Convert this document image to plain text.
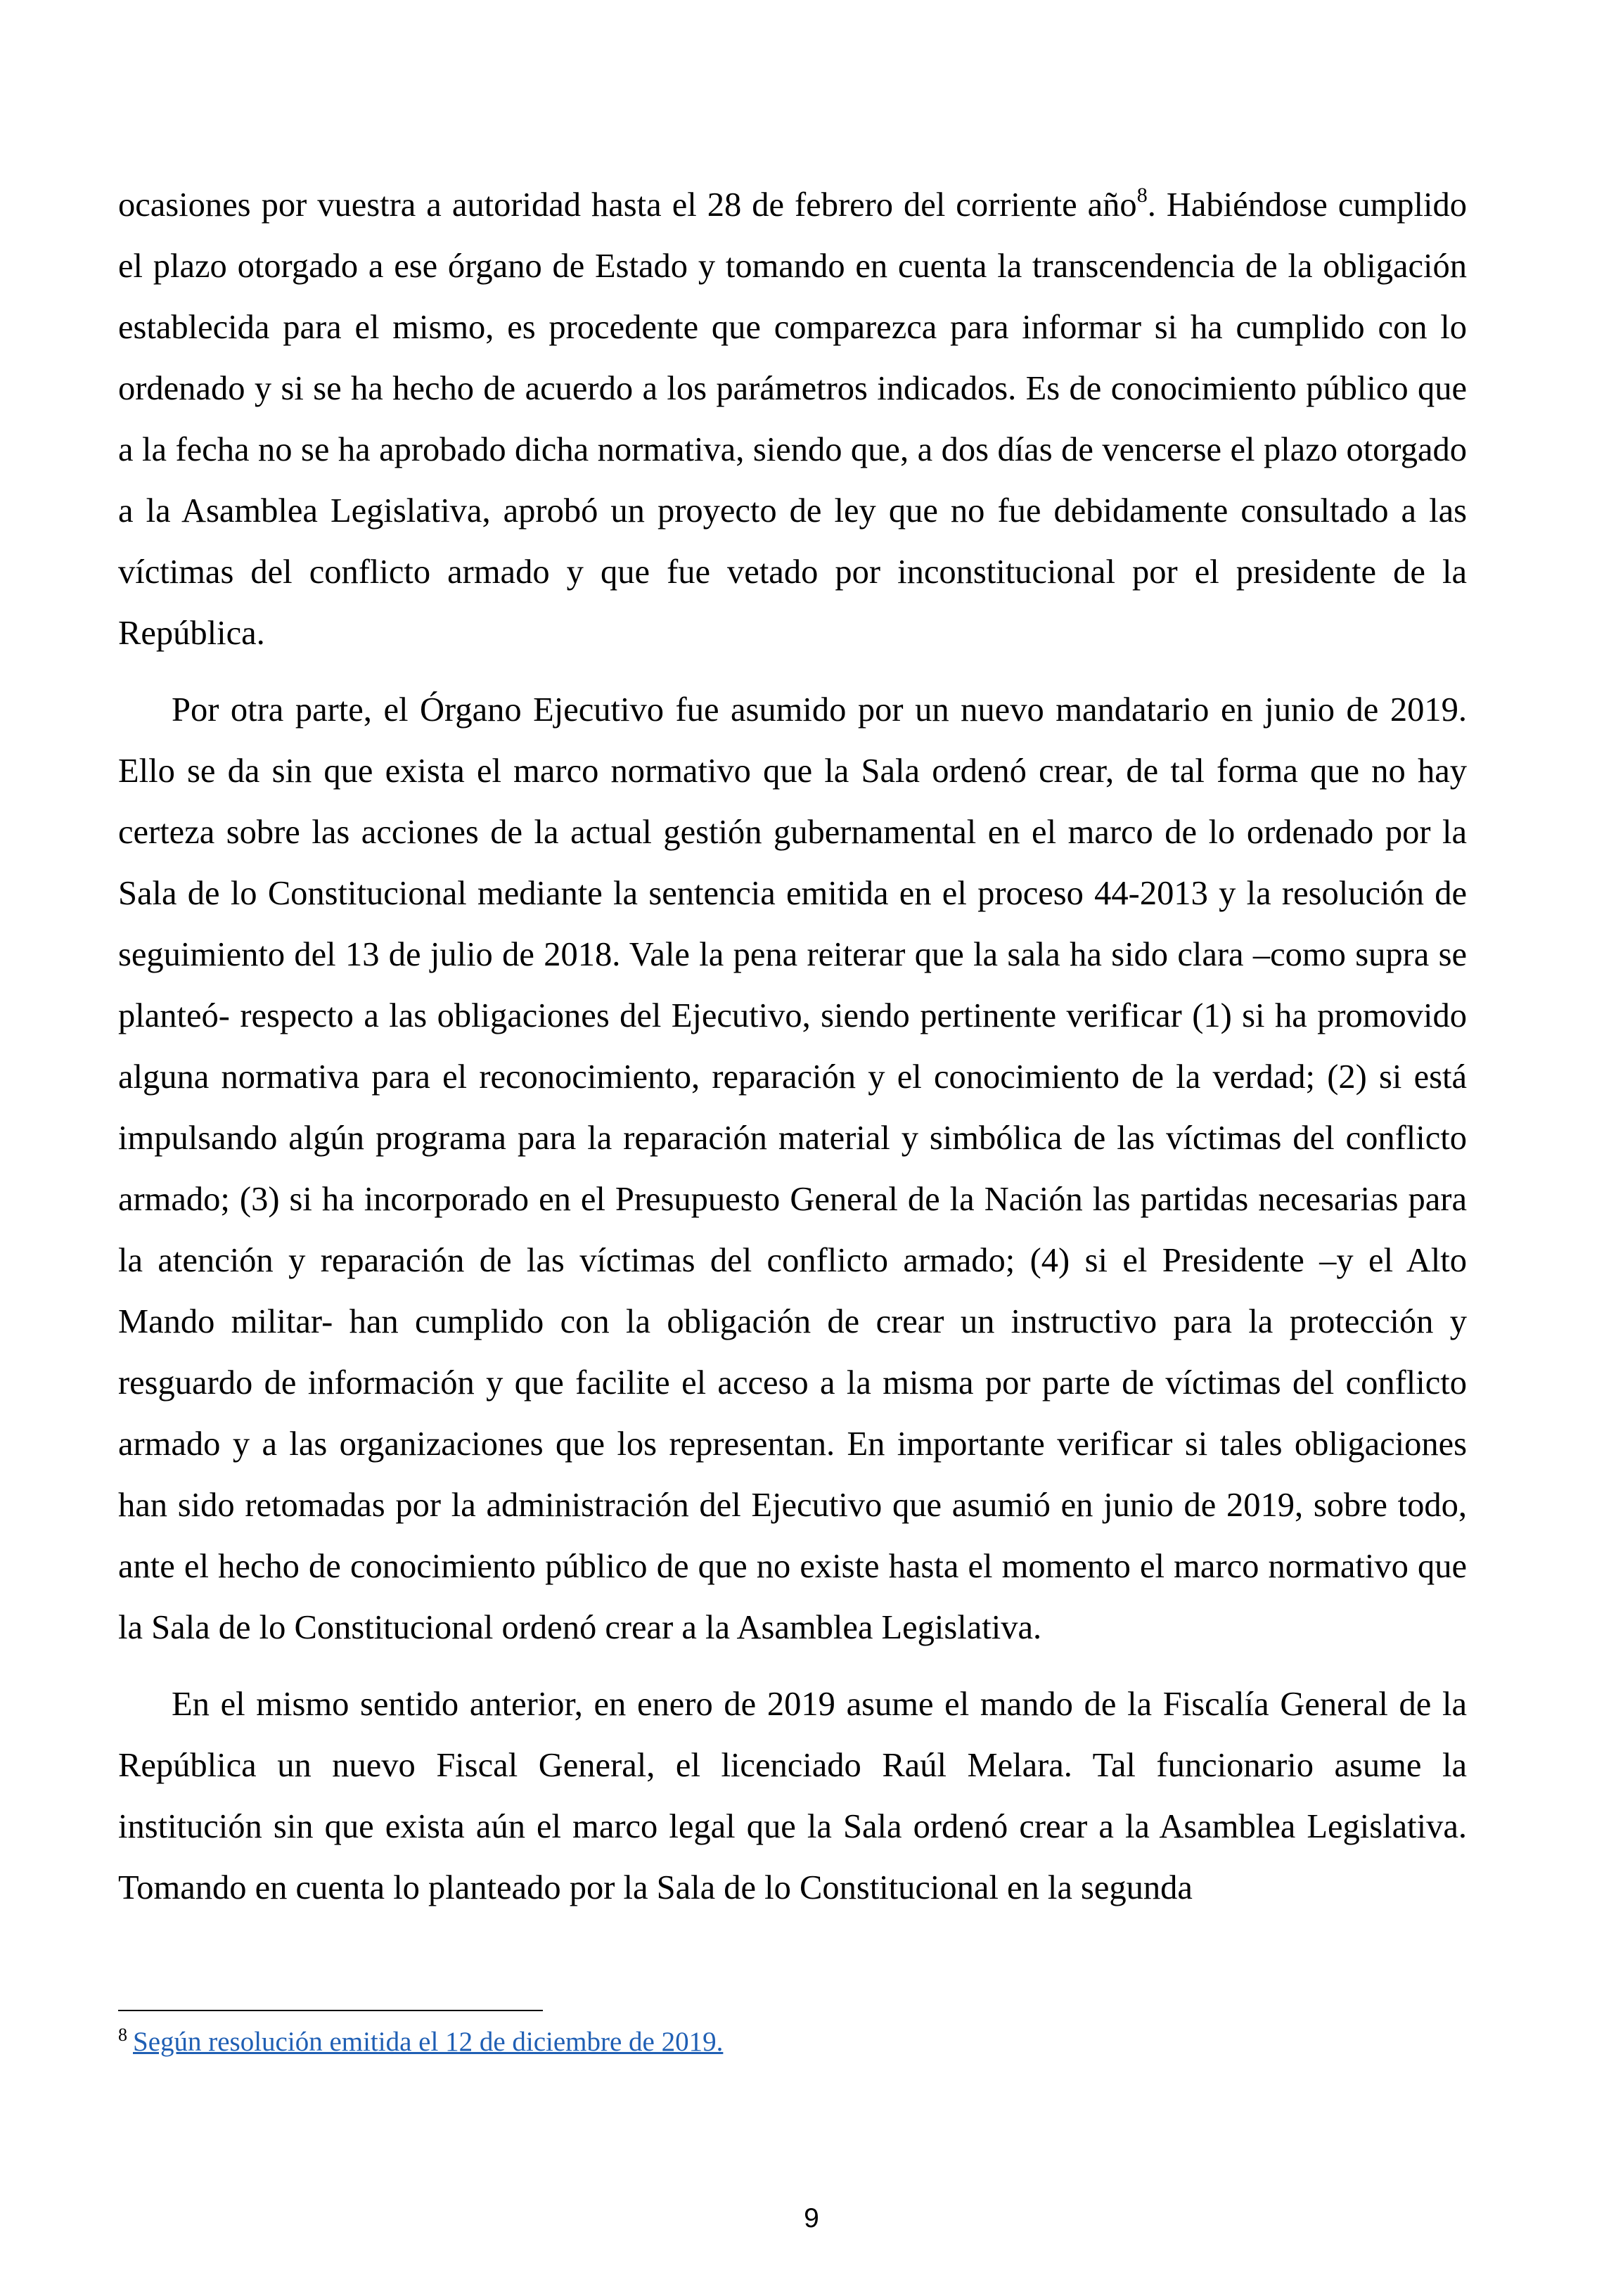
ocasiones por vuestra a autoridad hasta el 28 de febrero del corriente año$^8$. Habiéndose cumplido el plazo otorgado a ese órgano de Estado y tomando en cuenta la transcendencia de la obligación establecida para el mismo, es procedente que comparezca para informar si ha cumplido con lo ordenado y si se ha hecho de acuerdo a los parámetros indicados. Es de conocimiento público que a la fecha no se ha aprobado dicha normativa, siendo que, a dos días de vencerse el plazo otorgado a la Asamblea Legislativa, aprobó un proyecto de ley que no fue debidamente consultado a las víctimas del conflicto armado y que fue vetado por inconstitucional por el presidente de la República.

Por otra parte, el Órgano Ejecutivo fue asumido por un nuevo mandatario en junio de 2019. Ello se da sin que exista el marco normativo que la Sala ordenó crear, de tal forma que no hay certeza sobre las acciones de la actual gestión gubernamental en el marco de lo ordenado por la Sala de lo Constitucional mediante la sentencia emitida en el proceso 44-2013 y la resolución de seguimiento del 13 de julio de 2018. Vale la pena reiterar que la sala ha sido clara –como supra se planteó- respecto a las obligaciones del Ejecutivo, siendo pertinente verificar (1) si ha promovido alguna normativa para el reconocimiento, reparación y el conocimiento de la verdad; (2) si está impulsando algún programa para la reparación material y simbólica de las víctimas del conflicto armado; (3) si ha incorporado en el Presupuesto General de la Nación las partidas necesarias para la atención y reparación de las víctimas del conflicto armado; (4) si el Presidente –y el Alto Mando militar- han cumplido con la obligación de crear un instructivo para la protección y resguardo de información y que facilite el acceso a la misma por parte de víctimas del conflicto armado y a las organizaciones que los representan. En importante verificar si tales obligaciones han sido retomadas por la administración del Ejecutivo que asumió en junio de 2019, sobre todo, ante el hecho de conocimiento público de que no existe hasta el momento el marco normativo que la Sala de lo Constitucional ordenó crear a la Asamblea Legislativa.

En el mismo sentido anterior, en enero de 2019 asume el mando de la Fiscalía General de la República un nuevo Fiscal General, el licenciado Raúl Melara. Tal funcionario asume la institución sin que exista aún el marco legal que la Sala ordenó crear a la Asamblea Legislativa. Tomando en cuenta lo planteado por la Sala de lo Constitucional en la segunda

$^8$ Según resolución emitida el 12 de diciembre de 2019.
9
